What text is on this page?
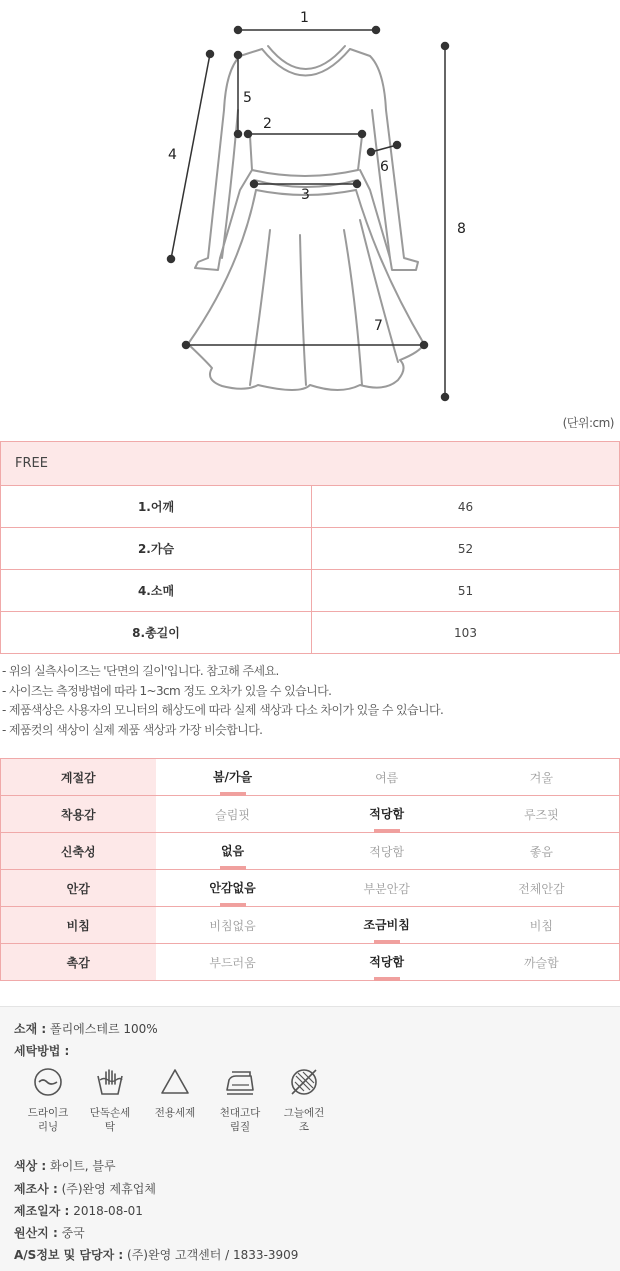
1
2
3
4
5
6
7
8
(단위:cm)
FREE	
1.어깨	46
2.가슴	52
4.소매	51
8.총길이	103
- 위의 실측사이즈는 '단면의 길이'입니다. 참고해 주세요.
- 사이즈는 측정방법에 따라 1~3cm 정도 오차가 있을 수 있습니다.
- 제품색상은 사용자의 모니터의 해상도에 따라 실제 색상과 다소 차이가 있을 수 있습니다.
- 제품컷의 색상이 실제 제품 색상과 가장 비슷합니다.
계절감	봄/가을	여름	겨울
착용감	슬림핏	적당함	루즈핏
신축성	없음	적당함	좋음
안감	안감없음	부분안감	전체안감
비침	비침없음	조금비침	비침
촉감	부드러움	적당함	까슬함
소재 : 폴리에스테르 100%
세탁방법 :
드라이크
리닝
단독손세
탁
전용세제	천대고다
림질
그늘에건
조
색상 : 화이트, 블루
제조사 : (주)완영 제휴업체
제조일자 : 2018-08-01
원산지 : 중국
A/S정보 및 담당자 : (주)완영 고객센터 / 1833-3909
